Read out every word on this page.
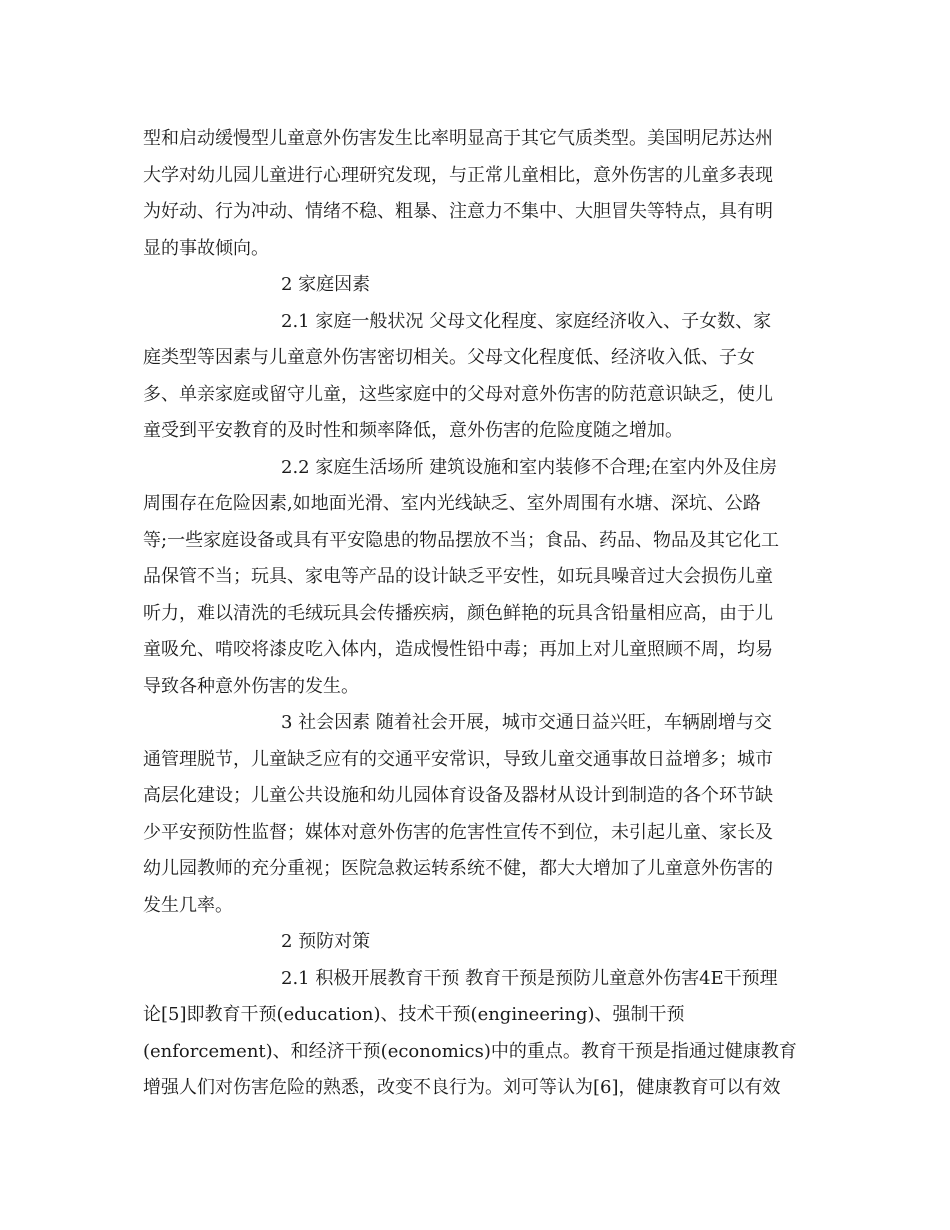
型和启动缓慢型儿童意外伤害发生比率明显高于其它气质类型。美国明尼苏达州
大学对幼儿园儿童进行心理研究发现，与正常儿童相比，意外伤害的儿童多表现
为好动、行为冲动、情绪不稳、粗暴、注意力不集中、大胆冒失等特点，具有明
显的事故倾向。
2 家庭因素
2.1 家庭一般状况 父母文化程度、家庭经济收入、子女数、家
庭类型等因素与儿童意外伤害密切相关。父母文化程度低、经济收入低、子女
多、单亲家庭或留守儿童，这些家庭中的父母对意外伤害的防范意识缺乏，使儿
童受到平安教育的及时性和频率降低，意外伤害的危险度随之增加。
2.2 家庭生活场所 建筑设施和室内装修不合理;在室内外及住房
周围存在危险因素,如地面光滑、室内光线缺乏、室外周围有水塘、深坑、公路
等;一些家庭设备或具有平安隐患的物品摆放不当；食品、药品、物品及其它化工
品保管不当；玩具、家电等产品的设计缺乏平安性，如玩具噪音过大会损伤儿童
听力，难以清洗的毛绒玩具会传播疾病，颜色鲜艳的玩具含铅量相应高，由于儿
童吸允、啃咬将漆皮吃入体内，造成慢性铅中毒；再加上对儿童照顾不周，均易
导致各种意外伤害的发生。
3 社会因素 随着社会开展，城市交通日益兴旺，车辆剧增与交
通管理脱节，儿童缺乏应有的交通平安常识，导致儿童交通事故日益增多；城市
高层化建设；儿童公共设施和幼儿园体育设备及器材从设计到制造的各个环节缺
少平安预防性监督；媒体对意外伤害的危害性宣传不到位，未引起儿童、家长及
幼儿园教师的充分重视；医院急救运转系统不健，都大大增加了儿童意外伤害的
发生几率。
2 预防对策
2.1 积极开展教育干预 教育干预是预防儿童意外伤害4E干预理
论[5]即教育干预(education)、技术干预(engineering)、强制干预
(enforcement)、和经济干预(economics)中的重点。教育干预是指通过健康教育
增强人们对伤害危险的熟悉，改变不良行为。刘可等认为[6]，健康教育可以有效
